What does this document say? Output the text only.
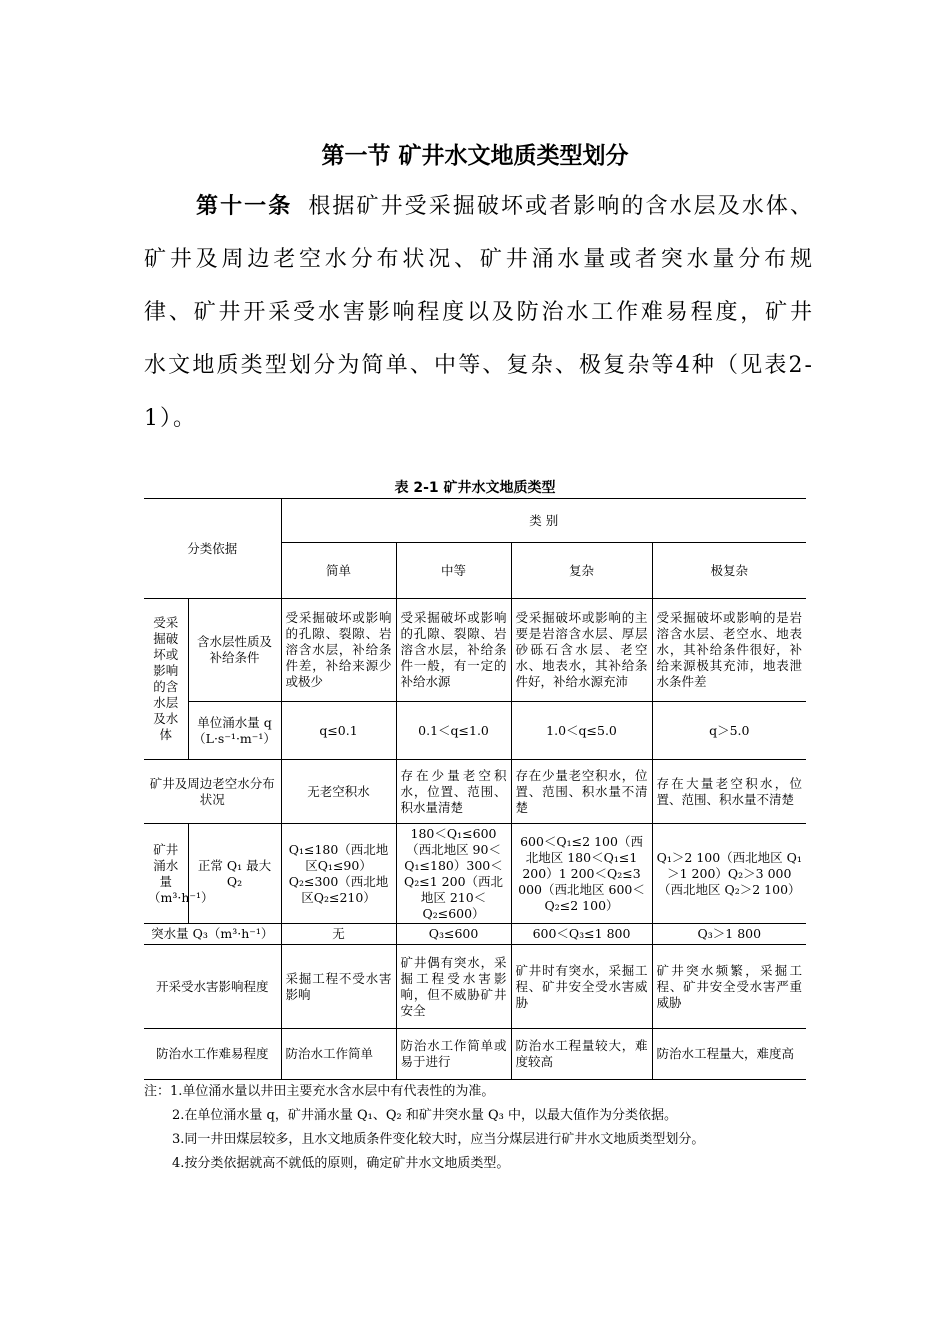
第一节 矿井水文地质类型划分
第十一条 根据矿井受采掘破坏或者影响的含水层及水体、矿井及周边老空水分布状况、矿井涌水量或者突水量分布规律、矿井开采受水害影响程度以及防治水工作难易程度，矿井水文地质类型划分为简单、中等、复杂、极复杂等4种（见表2-1）。
表 2-1 矿井水文地质类型
分类依据		类 别			
		简单	中等	复杂	极复杂
受采掘破坏或影响的含水层及水体	含水层性质及补给条件	受采掘破坏或影响的孔隙、裂隙、岩溶含水层，补给条件差，补给来源少或极少	受采掘破坏或影响的孔隙、裂隙、岩溶含水层，补给条件一般，有一定的补给水源	受采掘破坏或影响的主要是岩溶含水层、厚层砂砾石含水层、老空水、地表水，其补给条件好，补给水源充沛	受采掘破坏或影响的是岩溶含水层、老空水、地表水，其补给条件很好，补给来源极其充沛，地表泄水条件差
	单位涌水量 q（L·s⁻¹·m⁻¹）	q≤0.1	0.1＜q≤1.0	1.0＜q≤5.0	q＞5.0
矿井及周边老空水分布状况		无老空积水	存在少量老空积水，位置、范围、积水量清楚	存在少量老空积水，位置、范围、积水量不清楚	存在大量老空积水，位置、范围、积水量不清楚
矿井涌水量（m³·h⁻¹）	正常 Q₁ 最大 Q₂	Q₁≤180（西北地区Q₁≤90）Q₂≤300（西北地区Q₂≤210）	180＜Q₁≤600（西北地区 90＜Q₁≤180）300＜Q₂≤1 200（西北地区 210＜Q₂≤600）	600＜Q₁≤2 100（西北地区 180＜Q₁≤1 200）1 200＜Q₂≤3 000（西北地区 600＜Q₂≤2 100）	Q₁＞2 100（西北地区 Q₁＞1 200）Q₂＞3 000（西北地区 Q₂＞2 100）
突水量 Q₃（m³·h⁻¹）		无	Q₃≤600	600＜Q₃≤1 800	Q₃＞1 800
开采受水害影响程度		采掘工程不受水害影响	矿井偶有突水，采掘工程受水害影响，但不威胁矿井安全	矿井时有突水，采掘工程、矿井安全受水害威胁	矿井突水频繁，采掘工程、矿井安全受水害严重威胁
防治水工作难易程度		防治水工作简单	防治水工作简单或易于进行	防治水工程量较大，难度较高	防治水工程量大，难度高
注：1.单位涌水量以井田主要充水含水层中有代表性的为准。
2.在单位涌水量 q，矿井涌水量 Q₁、Q₂ 和矿井突水量 Q₃ 中，以最大值作为分类依据。
3.同一井田煤层较多，且水文地质条件变化较大时，应当分煤层进行矿井水文地质类型划分。
4.按分类依据就高不就低的原则，确定矿井水文地质类型。
